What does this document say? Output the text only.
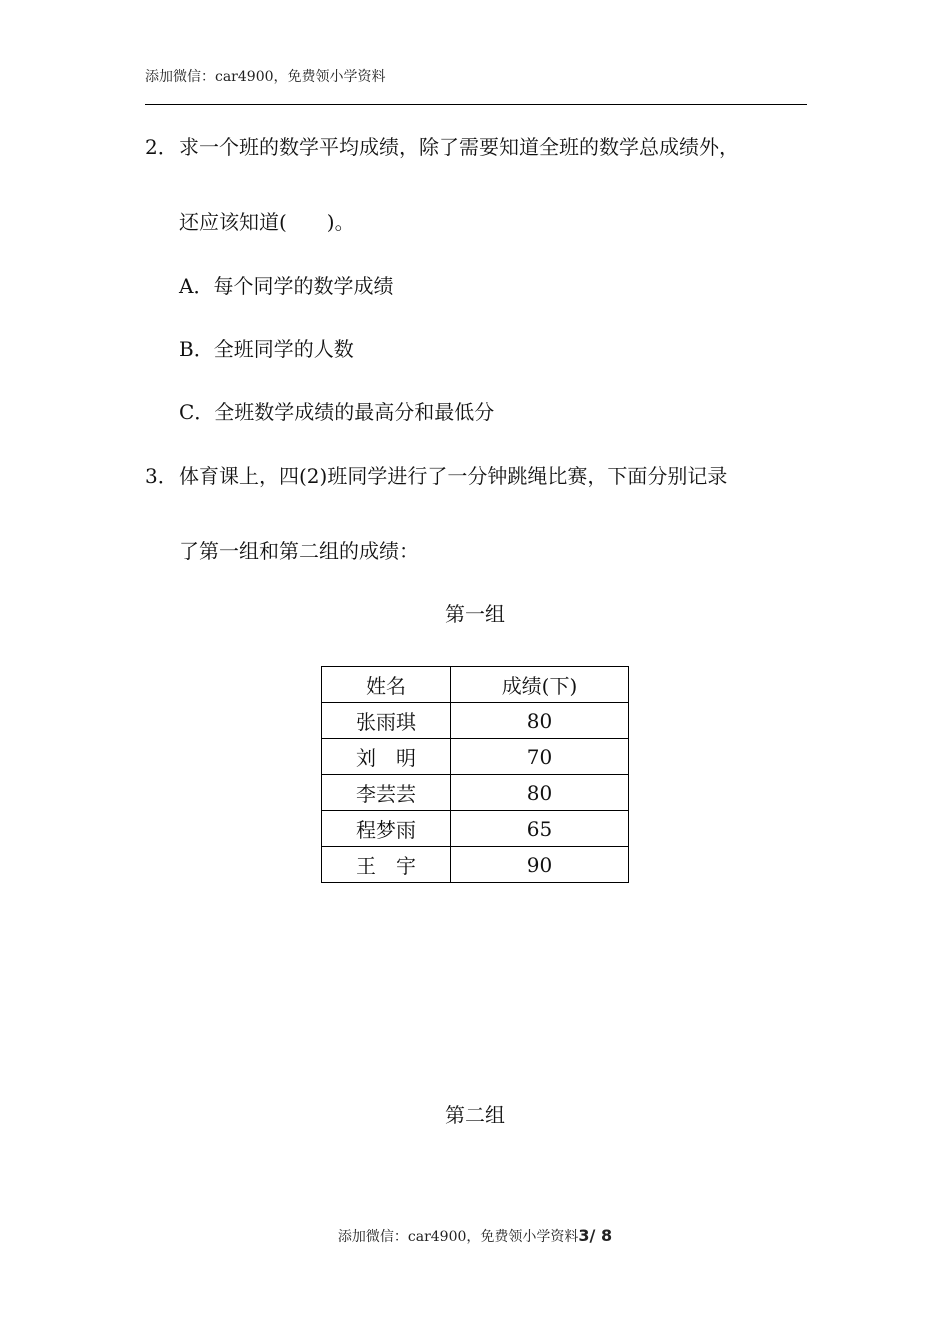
添加微信：car4900，免费领小学资料
2． 求一个班的数学平均成绩，除了需要知道全班的数学总成绩外，
还应该知道(　　)。
A．每个同学的数学成绩
B．全班同学的人数
C．全班数学成绩的最高分和最低分
3． 体育课上，四(2)班同学进行了一分钟跳绳比赛，下面分别记录
了第一组和第二组的成绩：
第一组
姓名	成绩(下)
张雨琪	80
刘　明	70
李芸芸	80
程梦雨	65
王　宇	90
第二组
添加微信：car4900，免费领小学资料3/ 8
